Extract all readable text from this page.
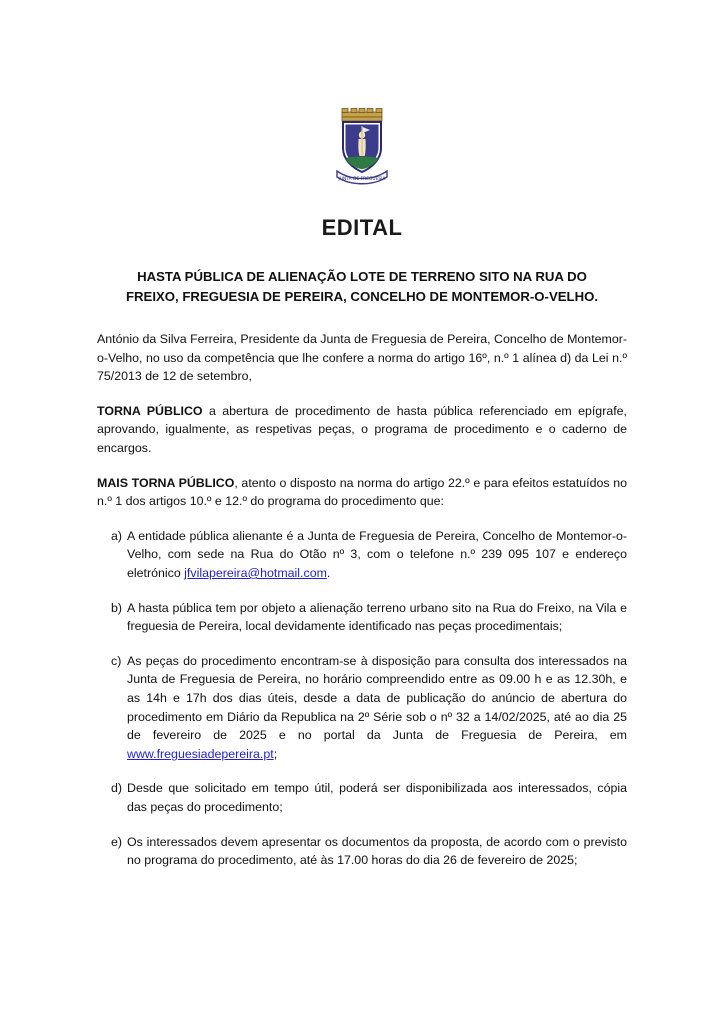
JUNTA DE FREGUESIA
EDITAL
HASTA PÚBLICA DE ALIENAÇÃO LOTE DE TERRENO SITO NA RUA DO
FREIXO, FREGUESIA DE PEREIRA, CONCELHO DE MONTEMOR-O-VELHO.

António da Silva Ferreira, Presidente da Junta de Freguesia de Pereira, Concelho de Montemor-o-Velho, no uso da competência que lhe confere a norma do artigo 16º, n.º 1 alínea d) da Lei n.º 75/2013 de 12 de setembro,

TORNA PÚBLICO a abertura de procedimento de hasta pública referenciado em epígrafe, aprovando, igualmente, as respetivas peças, o programa de procedimento e o caderno de encargos.

MAIS TORNA PÚBLICO, atento o disposto na norma do artigo 22.º e para efeitos estatuídos no n.º 1 dos artigos 10.º e 12.º do programa do procedimento que:

a) A entidade pública alienante é a Junta de Freguesia de Pereira, Concelho de Montemor-o-Velho, com sede na Rua do Otão nº 3, com o telefone n.º 239 095 107 e endereço eletrónico jfvilapereira@hotmail.com.
b) A hasta pública tem por objeto a alienação terreno urbano sito na Rua do Freixo, na Vila e freguesia de Pereira, local devidamente identificado nas peças procedimentais;
c) As peças do procedimento encontram-se à disposição para consulta dos interessados na Junta de Freguesia de Pereira, no horário compreendido entre as 09.00 h e as 12.30h, e as 14h e 17h dos dias úteis, desde a data de publicação do anúncio de abertura do procedimento em Diário da Republica na 2º Série sob o nº 32 a 14/02/2025, até ao dia 25 de fevereiro de 2025 e no portal da Junta de Freguesia de Pereira, em www.freguesiadepereira.pt;
d) Desde que solicitado em tempo útil, poderá ser disponibilizada aos interessados, cópia das peças do procedimento;
e) Os interessados devem apresentar os documentos da proposta, de acordo com o previsto no programa do procedimento, até às 17.00 horas do dia 26 de fevereiro de 2025;
